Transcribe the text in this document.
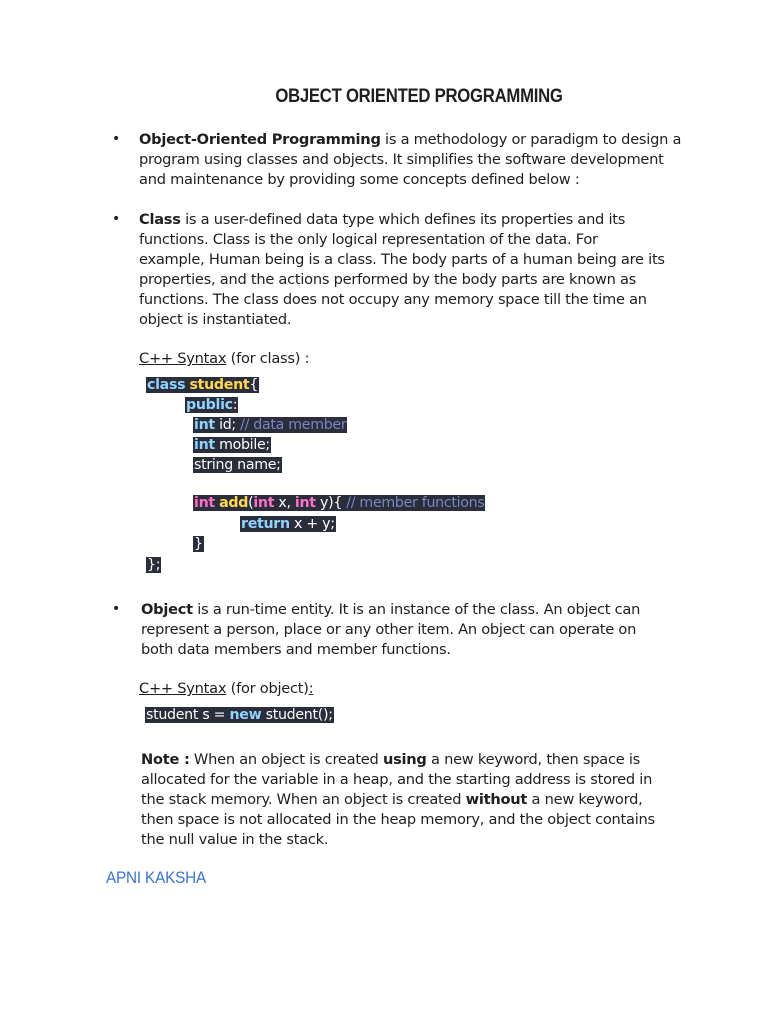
OBJECT ORIENTED PROGRAMMING
• Object-Oriented Programming is a methodology or paradigm to design a
program using classes and objects. It simplifies the software development
and maintenance by providing some concepts defined below :
• Class is a user-defined data type which defines its properties and its
functions. Class is the only logical representation of the data. For
example, Human being is a class. The body parts of a human being are its
properties, and the actions performed by the body parts are known as
functions. The class does not occupy any memory space till the time an
object is instantiated.
C++ Syntax (for class) :
class student{
public:
int id; // data member
int mobile;
string name;
int add(int x, int y){ // member functions
return x + y;
}
};
• Object is a run-time entity. It is an instance of the class. An object can
represent a person, place or any other item. An object can operate on
both data members and member functions.
C++ Syntax (for object):
student s = new student();
Note : When an object is created using a new keyword, then space is
allocated for the variable in a heap, and the starting address is stored in
the stack memory. When an object is created without a new keyword,
then space is not allocated in the heap memory, and the object contains
the null value in the stack.
APNI KAKSHA
